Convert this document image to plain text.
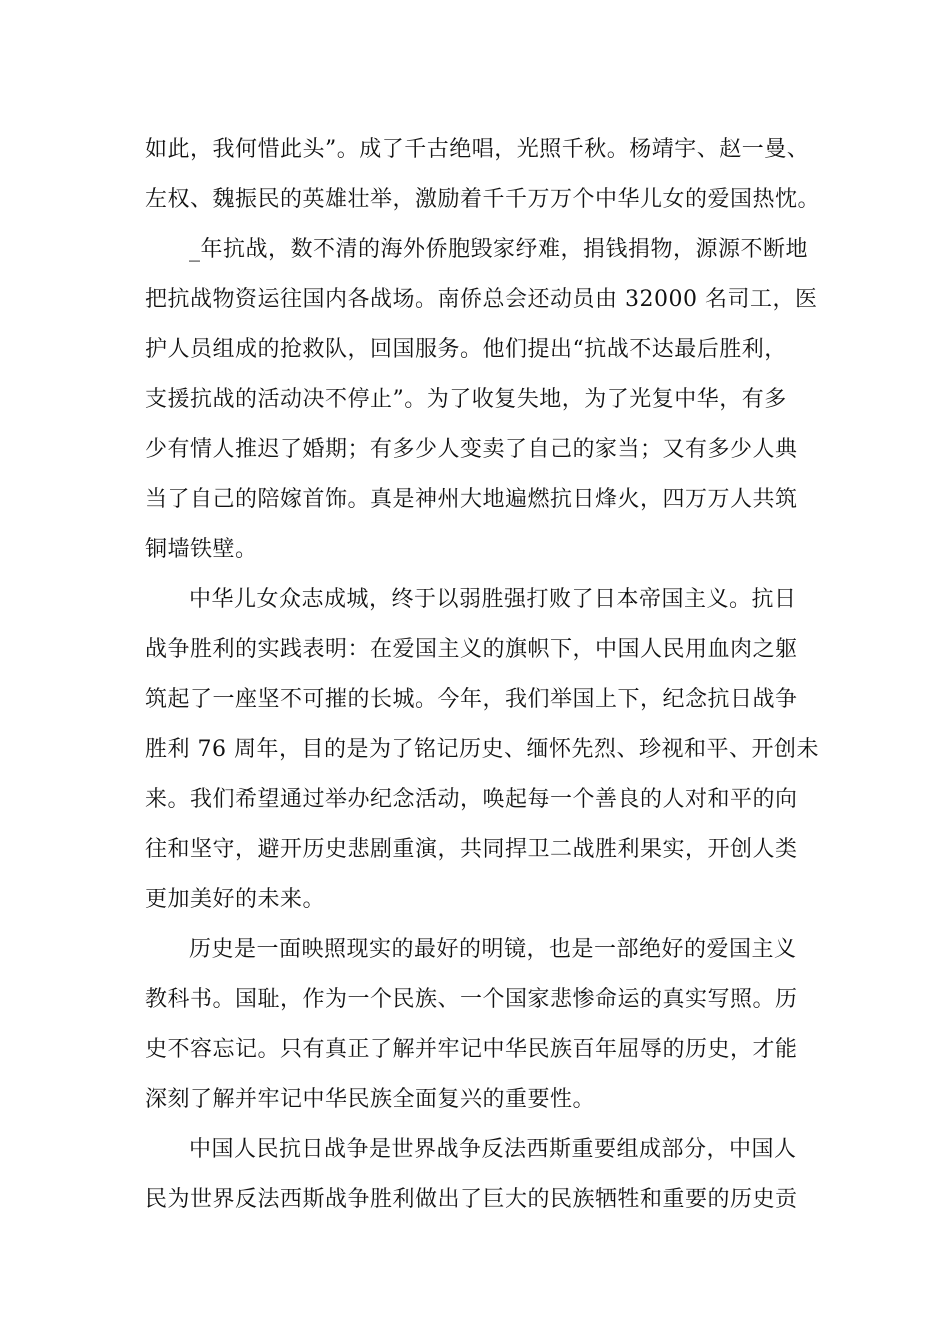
如此，我何惜此头”。成了千古绝唱，光照千秋。杨靖宇、赵一曼、
左权、魏振民的英雄壮举，激励着千千万万个中华儿女的爱国热忱。
_年抗战，数不清的海外侨胞毁家纾难，捐钱捐物，源源不断地
把抗战物资运往国内各战场。南侨总会还动员由 32000 名司工，医
护人员组成的抢救队，回国服务。他们提出“抗战不达最后胜利，
支援抗战的活动决不停止”。为了收复失地，为了光复中华，有多
少有情人推迟了婚期；有多少人变卖了自己的家当；又有多少人典
当了自己的陪嫁首饰。真是神州大地遍燃抗日烽火，四万万人共筑
铜墙铁壁。
中华儿女众志成城，终于以弱胜强打败了日本帝国主义。抗日
战争胜利的实践表明：在爱国主义的旗帜下，中国人民用血肉之躯
筑起了一座坚不可摧的长城。今年，我们举国上下，纪念抗日战争
胜利 76 周年，目的是为了铭记历史、缅怀先烈、珍视和平、开创未
来。我们希望通过举办纪念活动，唤起每一个善良的人对和平的向
往和坚守，避开历史悲剧重演，共同捍卫二战胜利果实，开创人类
更加美好的未来。
历史是一面映照现实的最好的明镜，也是一部绝好的爱国主义
教科书。国耻，作为一个民族、一个国家悲惨命运的真实写照。历
史不容忘记。只有真正了解并牢记中华民族百年屈辱的历史，才能
深刻了解并牢记中华民族全面复兴的重要性。
中国人民抗日战争是世界战争反法西斯重要组成部分，中国人
民为世界反法西斯战争胜利做出了巨大的民族牺牲和重要的历史贡
